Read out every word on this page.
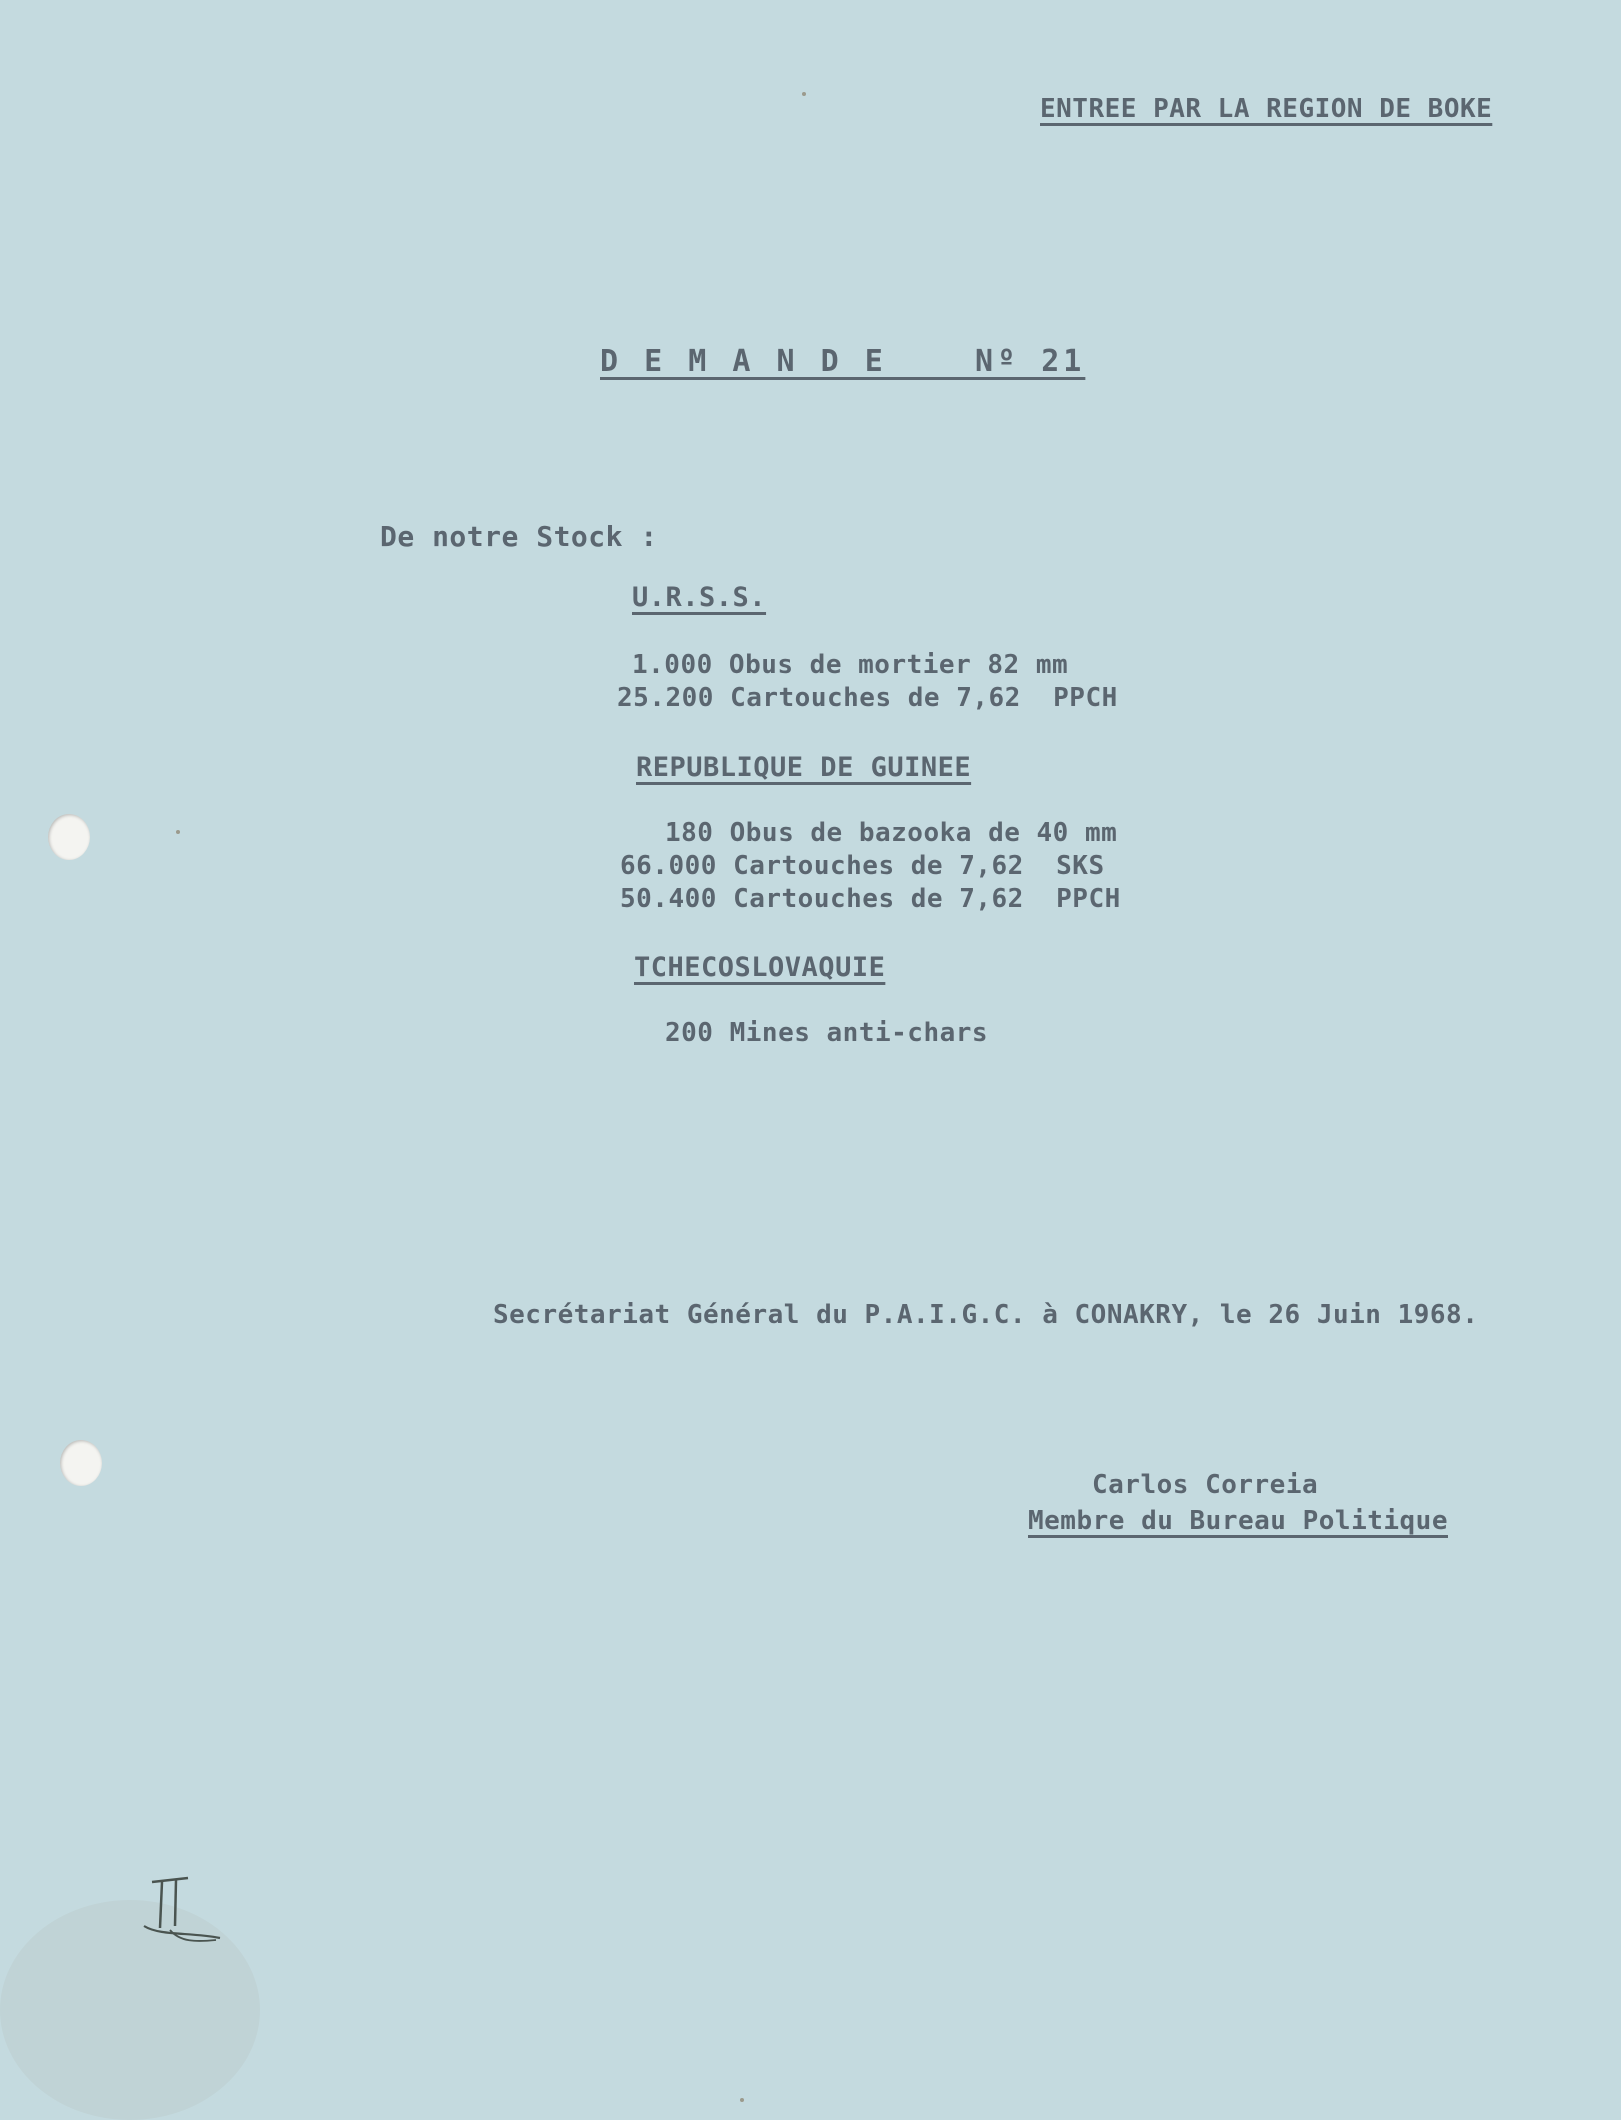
ENTREE PAR LA REGION DE BOKE
D E M A N D E    Nº 21
De notre Stock :
U.R.S.S.
1.000 Obus de mortier 82 mm
25.200 Cartouches de 7,62  PPCH
REPUBLIQUE DE GUINEE
180 Obus de bazooka de 40 mm
66.000 Cartouches de 7,62  SKS
50.400 Cartouches de 7,62  PPCH
TCHECOSLOVAQUIE
200 Mines anti-chars
Secrétariat Général du P.A.I.G.C. à CONAKRY, le 26 Juin 1968.
Carlos Correia
Membre du Bureau Politique
